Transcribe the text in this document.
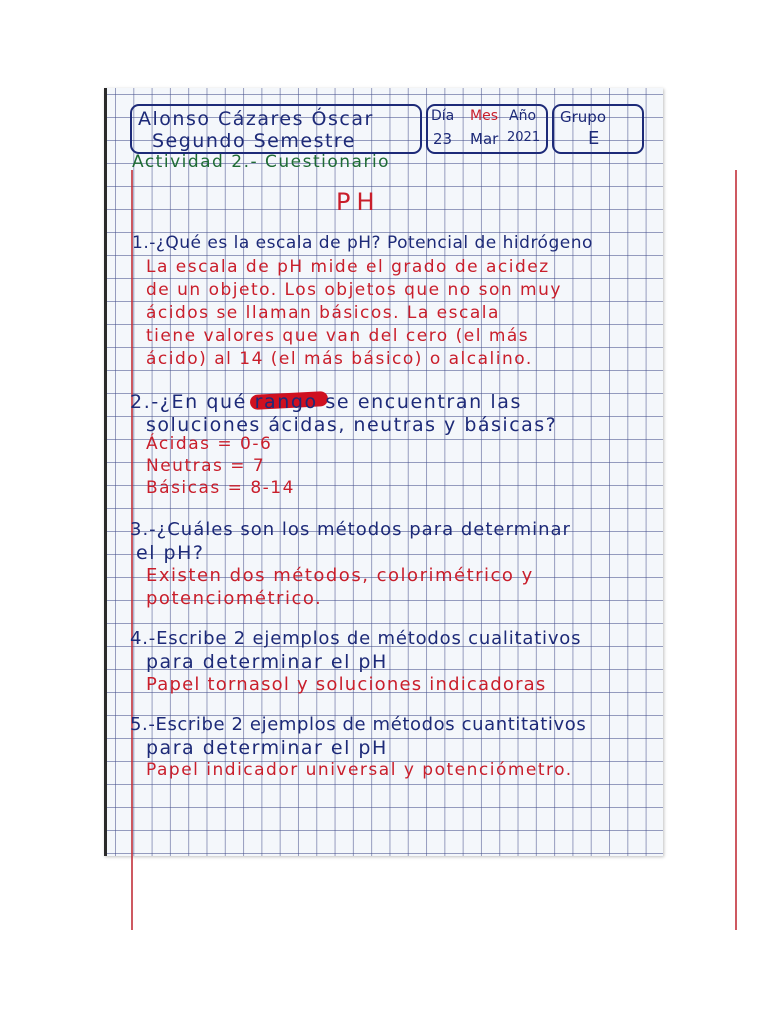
Alonso Cázares Óscar

Segundo Semestre

Día Mes Año

23 Mar 2021

Grupo

E

Actividad 2.- Cuestionario

PH

1.-¿Qué es la escala de pH? Potencial de hidrógeno

La escala de pH mide el grado de acidez

de un objeto. Los objetos que no son muy

ácidos se llaman básicos. La escala

tiene valores que van del cero (el más

ácido) al 14 (el más básico) o alcalino.

2.-¿En qué rango se encuentran las

soluciones ácidas, neutras y básicas?

Ácidas = 0-6

Neutras = 7

Básicas = 8-14

3.-¿Cuáles son los métodos para determinar

el pH?

Existen dos métodos, colorimétrico y

potenciométrico.

4.-Escribe 2 ejemplos de métodos cualitativos

para determinar el pH

Papel tornasol y soluciones indicadoras

5.-Escribe 2 ejemplos de métodos cuantitativos

para determinar el pH

Papel indicador universal y potenciómetro.
